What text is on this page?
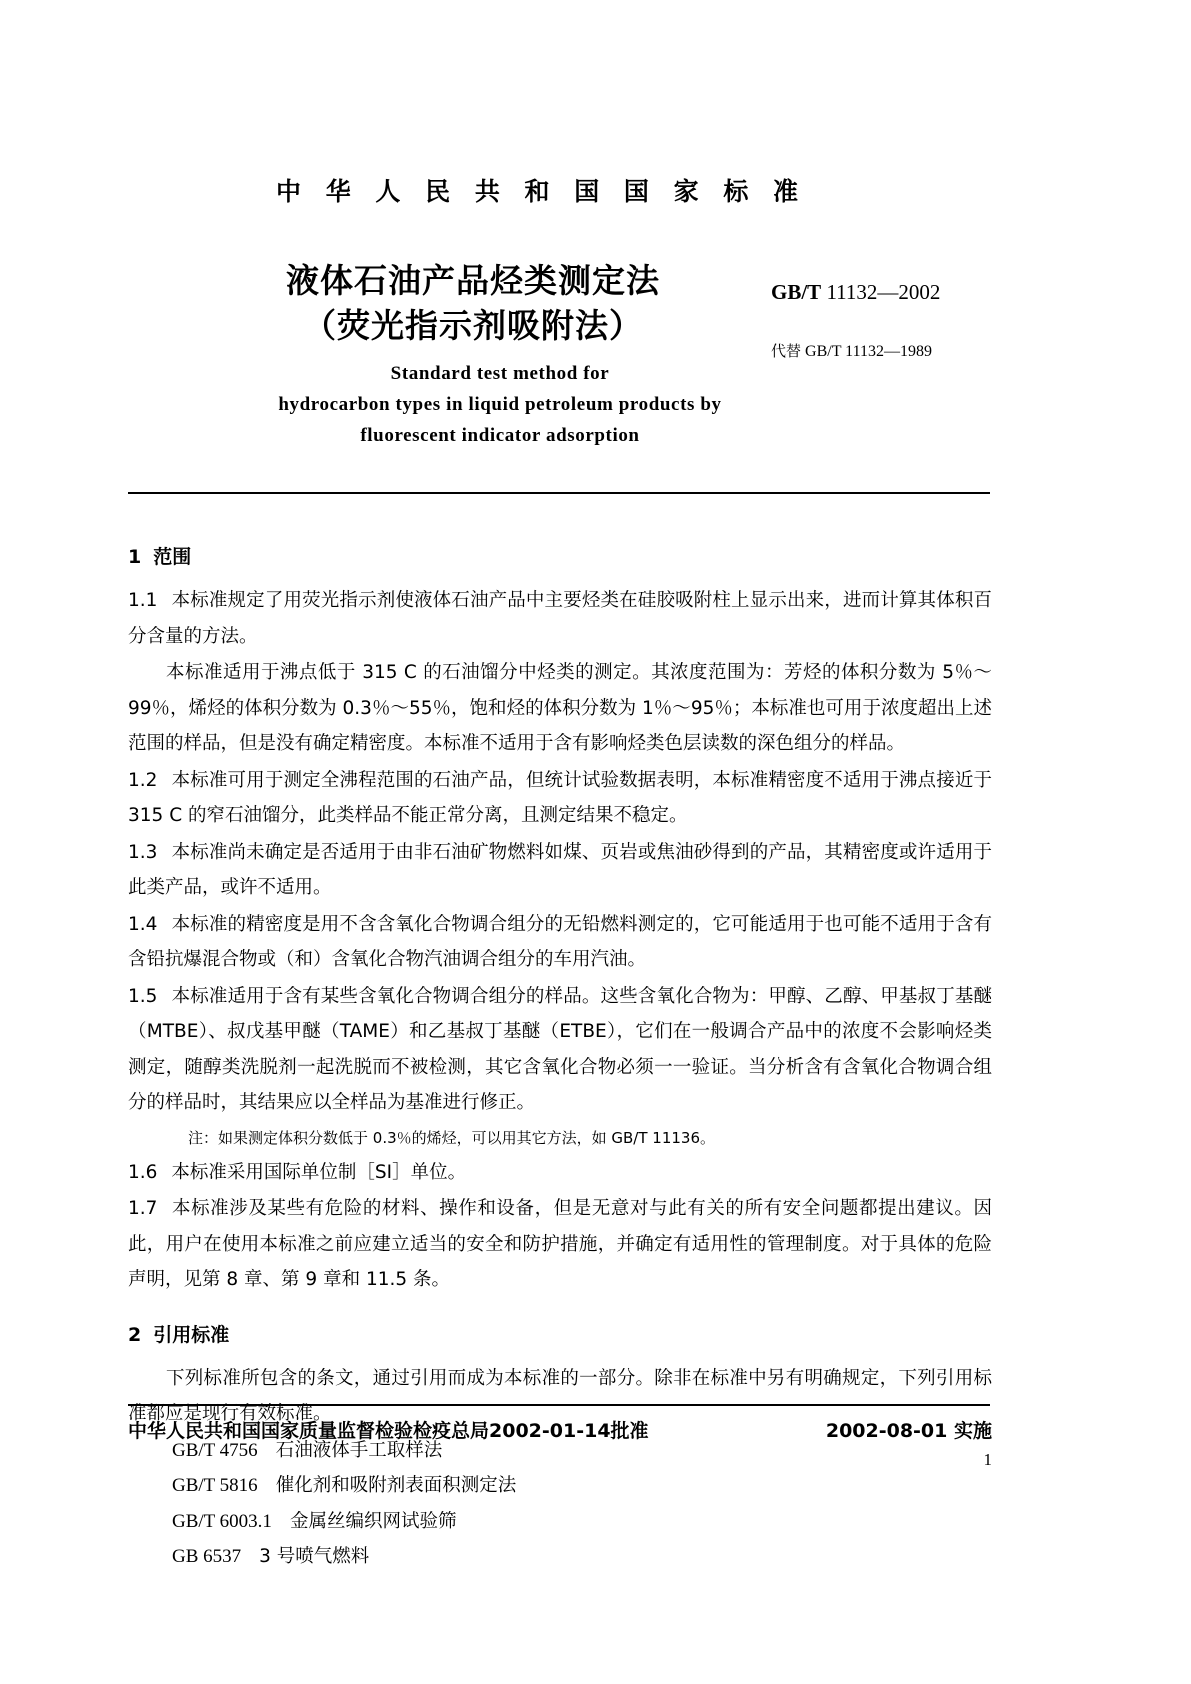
中 华 人 民 共 和 国 国 家 标 准
液体石油产品烃类测定法
（荧光指示剂吸附法）
GB/T 11132—2002
代替 GB/T 11132—1989
Standard test method for
hydrocarbon types in liquid petroleum products by
fluorescent indicator adsorption
1 范围

1.1 本标准规定了用荧光指示剂使液体石油产品中主要烃类在硅胶吸附柱上显示出来，进而计算其体积百分含量的方法。

本标准适用于沸点低于 315 C 的石油馏分中烃类的测定。其浓度范围为：芳烃的体积分数为 5％～99％，烯烃的体积分数为 0.3％～55％，饱和烃的体积分数为 1％～95％；本标准也可用于浓度超出上述范围的样品，但是没有确定精密度。本标准不适用于含有影响烃类色层读数的深色组分的样品。

1.2 本标准可用于测定全沸程范围的石油产品，但统计试验数据表明，本标准精密度不适用于沸点接近于 315 C 的窄石油馏分，此类样品不能正常分离，且测定结果不稳定。

1.3 本标准尚未确定是否适用于由非石油矿物燃料如煤、页岩或焦油砂得到的产品，其精密度或许适用于此类产品，或许不适用。

1.4 本标准的精密度是用不含含氧化合物调合组分的无铅燃料测定的，它可能适用于也可能不适用于含有含铅抗爆混合物或（和）含氧化合物汽油调合组分的车用汽油。

1.5 本标准适用于含有某些含氧化合物调合组分的样品。这些含氧化合物为：甲醇、乙醇、甲基叔丁基醚（MTBE）、叔戊基甲醚（TAME）和乙基叔丁基醚（ETBE），它们在一般调合产品中的浓度不会影响烃类测定，随醇类洗脱剂一起洗脱而不被检测，其它含氧化合物必须一一验证。当分析含有含氧化合物调合组分的样品时，其结果应以全样品为基准进行修正。

注：如果测定体积分数低于 0.3％的烯烃，可以用其它方法，如 GB/T 11136。

1.6 本标准采用国际单位制［SI］单位。

1.7 本标准涉及某些有危险的材料、操作和设备，但是无意对与此有关的所有安全问题都提出建议。因此，用户在使用本标准之前应建立适当的安全和防护措施，并确定有适用性的管理制度。对于具体的危险声明，见第 8 章、第 9 章和 11.5 条。

2 引用标准

下列标准所包含的条文，通过引用而成为本标准的一部分。除非在标准中另有明确规定，下列引用标准都应是现行有效标准。

GB/T 4756 石油液体手工取样法

GB/T 5816 催化剂和吸附剂表面积测定法

GB/T 6003.1 金属丝编织网试验筛

GB 6537 3 号喷气燃料

中华人民共和国国家质量监督检验检疫总局2002-01-14批准	2002-08-01 实施
1
